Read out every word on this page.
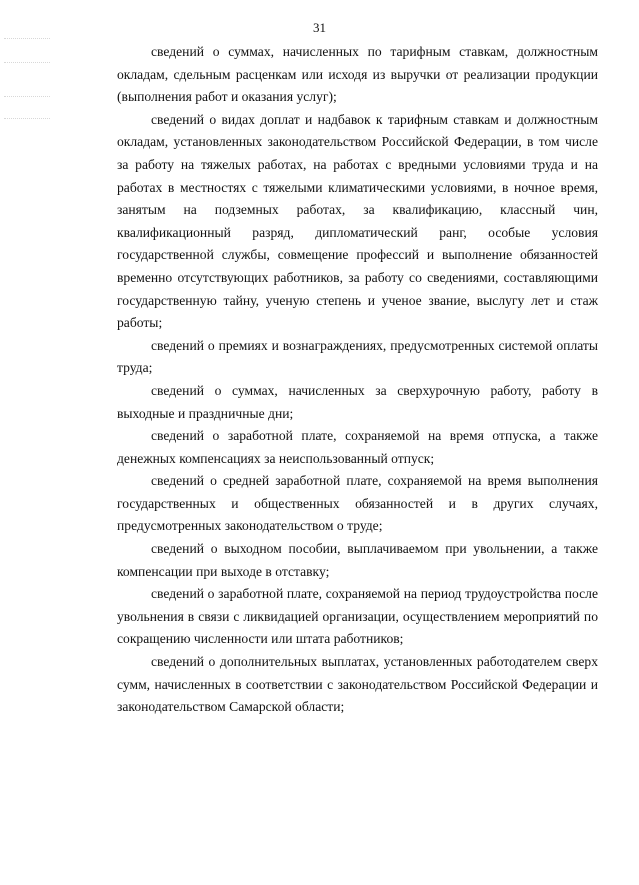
31

сведений о суммах, начисленных по тарифным ставкам, должностным окладам, сдельным расценкам или исходя из выручки от реализации продукции (выполнения работ и оказания услуг);

сведений о видах доплат и надбавок к тарифным ставкам и должностным окладам, установленных законодательством Российской Федерации, в том числе за работу на тяжелых работах, на работах с вредными условиями труда и на работах в местностях с тяжелыми климатическими условиями, в ночное время, занятым на подземных работах, за квалификацию, классный чин, квалификационный разряд, дипломатический ранг, особые условия государственной службы, совмещение профессий и выполнение обязанностей временно отсутствующих работников, за работу со сведениями, составляющими государственную тайну, ученую степень и ученое звание, выслугу лет и стаж работы;

сведений о премиях и вознаграждениях, предусмотренных системой оплаты труда;

сведений о суммах, начисленных за сверхурочную работу, работу в выходные и праздничные дни;

сведений о заработной плате, сохраняемой на время отпуска, а также денежных компенсациях за неиспользованный отпуск;

сведений о средней заработной плате, сохраняемой на время выполнения государственных и общественных обязанностей и в других случаях, предусмотренных законодательством о труде;

сведений о выходном пособии, выплачиваемом при увольнении, а также компенсации при выходе в отставку;

сведений о заработной плате, сохраняемой на период трудоустройства после увольнения в связи с ликвидацией организации, осуществлением мероприятий по сокращению численности или штата работников;

сведений о дополнительных выплатах, установленных работодателем сверх сумм, начисленных в соответствии с законодательством Российской Федерации и законодательством Самарской области;
